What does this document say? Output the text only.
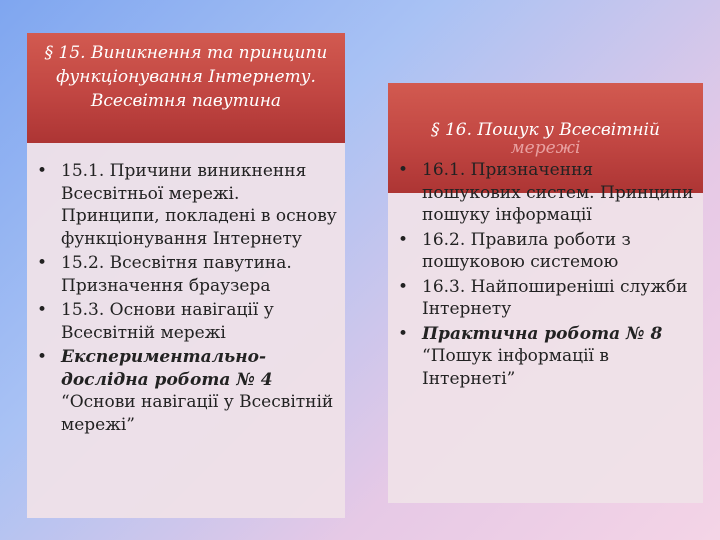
§ 15. Виникнення та принципи функціонування Інтернету. Всесвітня павутина
• 15.1. Причини виникнення Всесвітньої мережі. Принципи, покладені в основу функціонування Інтернету
• 15.2. Всесвітня павутина. Призначення браузера
• 15.3. Основи навігації у Всесвітній мережі
• Експериментально-дослідна робота № 4 “Основи навігації у Всесвітній мережі”
§ 16. Пошук у Всесвітній
мережі
• 16.1. Призначення пошукових систем. Принципи пошуку інформації
• 16.2. Правила роботи з пошуковою системою
• 16.3. Найпоширеніші служби Інтернету
• Практична робота № 8 “Пошук інформації в Інтернеті”
